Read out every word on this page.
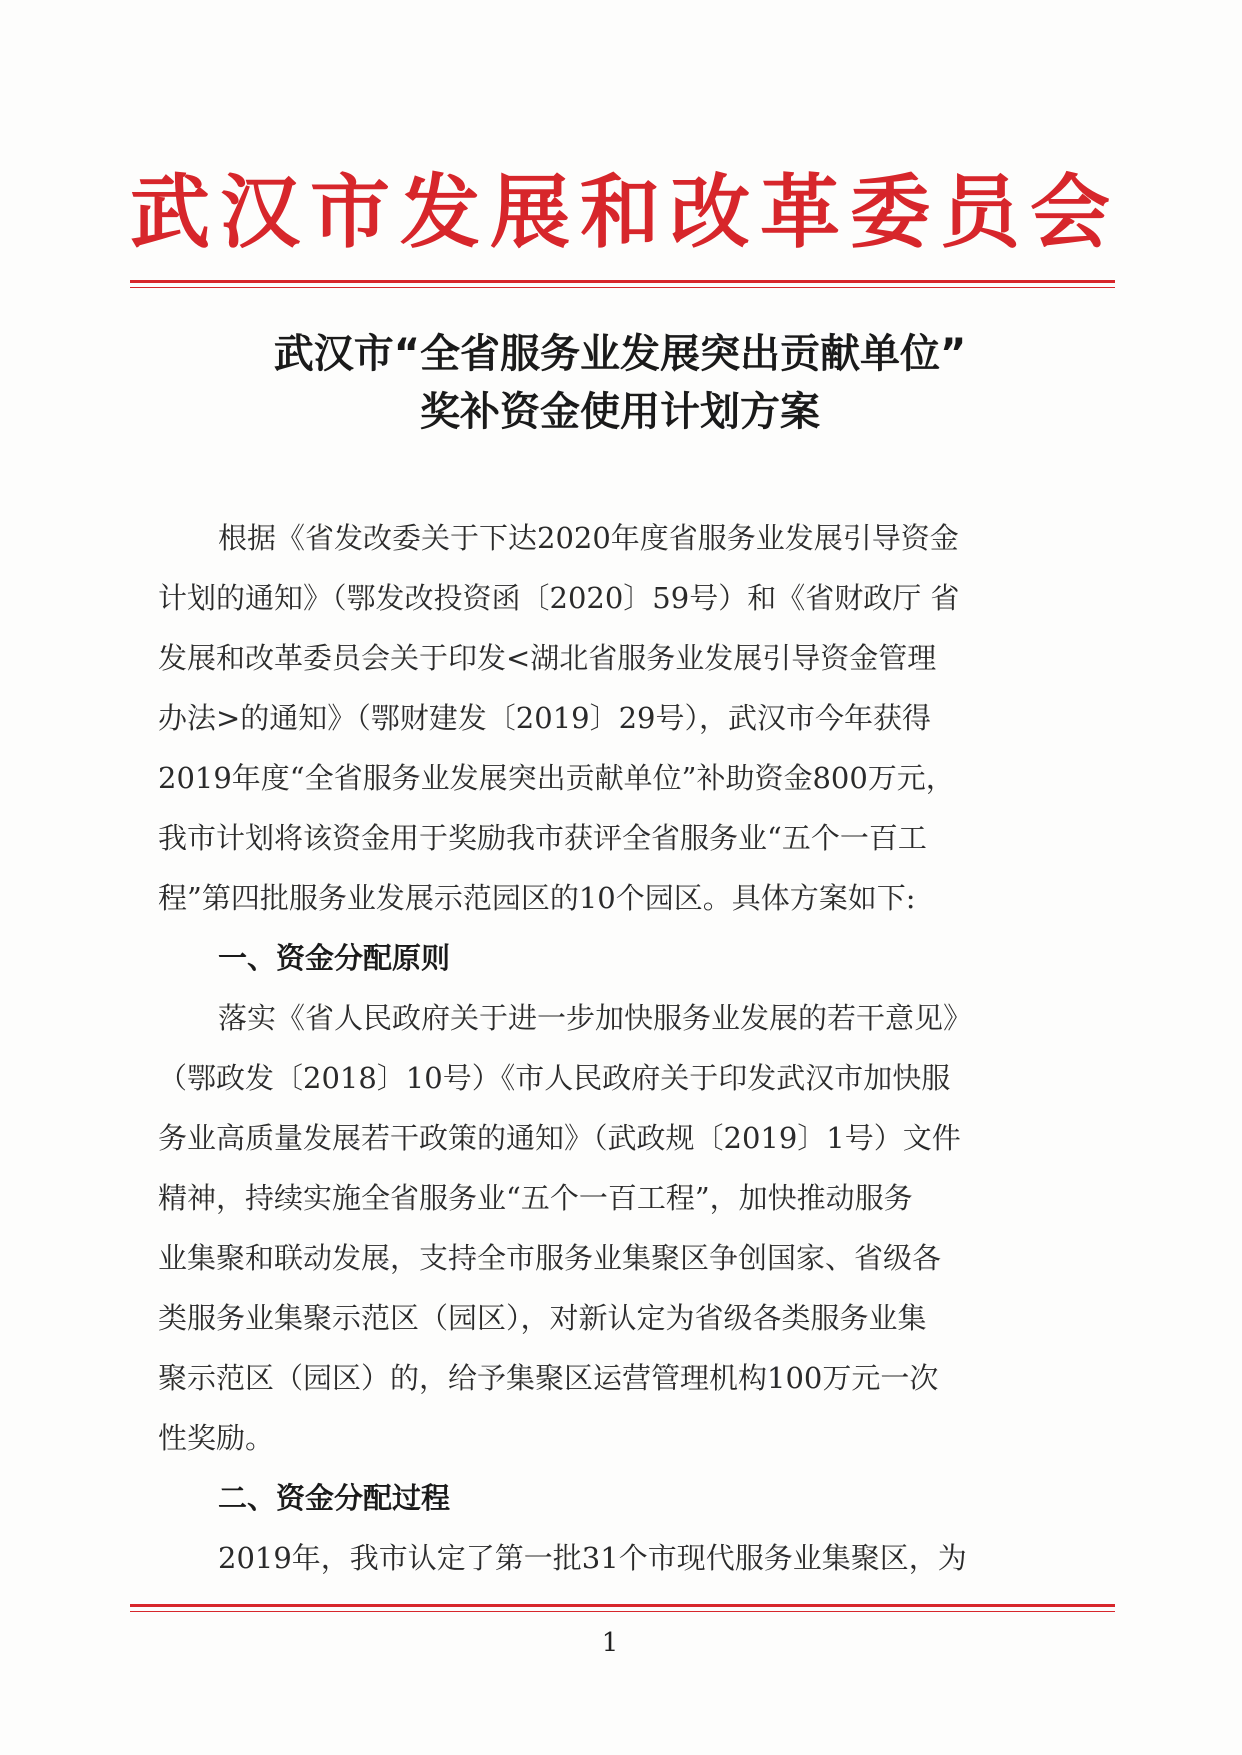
武汉市发展和改革委员会
武汉市“全省服务业发展突出贡献单位”
奖补资金使用计划方案
根据《省发改委关于下达2020年度省服务业发展引导资金
计划的通知》（鄂发改投资函〔2020〕59号）和《省财政厅 省
发展和改革委员会关于印发<湖北省服务业发展引导资金管理
办法>的通知》（鄂财建发〔2019〕29号），武汉市今年获得
2019年度“全省服务业发展突出贡献单位”补助资金800万元，
我市计划将该资金用于奖励我市获评全省服务业“五个一百工
程”第四批服务业发展示范园区的10个园区。具体方案如下:
一、资金分配原则
落实《省人民政府关于进一步加快服务业发展的若干意见》
（鄂政发〔2018〕10号）《市人民政府关于印发武汉市加快服
务业高质量发展若干政策的通知》（武政规〔2019〕1号）文件
精神，持续实施全省服务业“五个一百工程”，加快推动服务
业集聚和联动发展，支持全市服务业集聚区争创国家、省级各
类服务业集聚示范区（园区），对新认定为省级各类服务业集
聚示范区（园区）的，给予集聚区运营管理机构100万元一次
性奖励。
二、资金分配过程
2019年，我市认定了第一批31个市现代服务业集聚区，为
1
